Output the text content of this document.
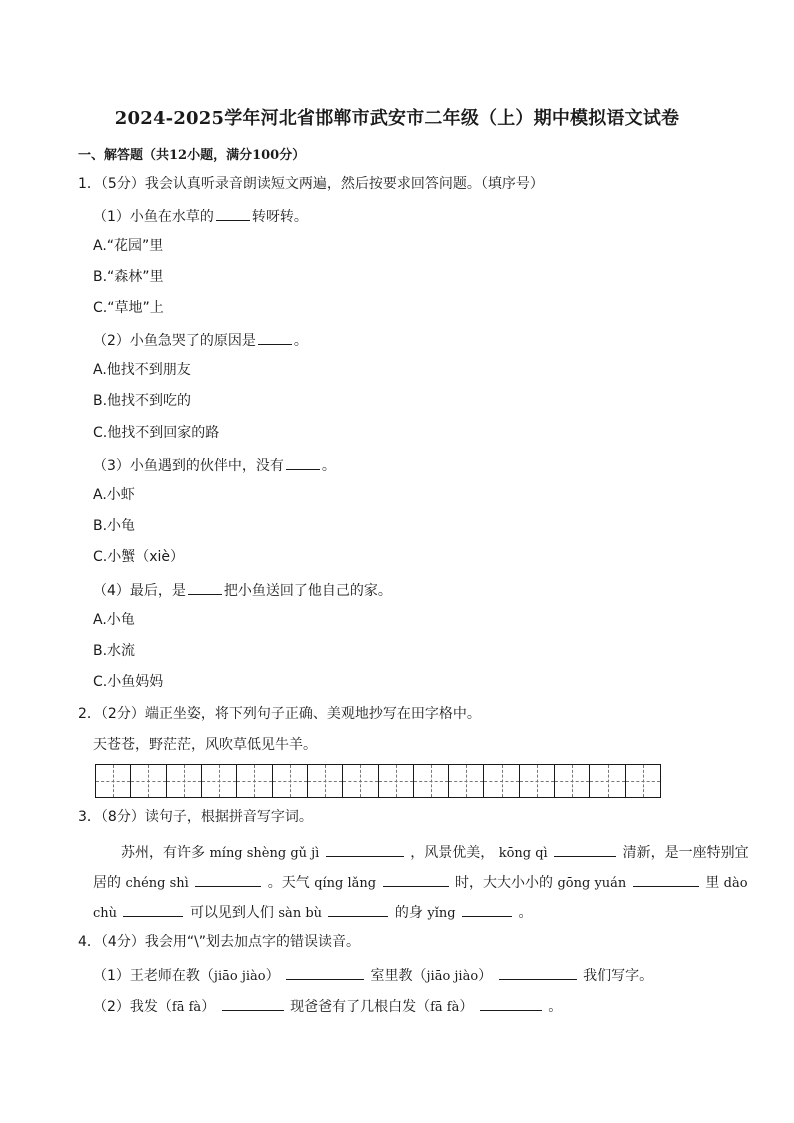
2024-2025学年河北省邯郸市武安市二年级（上）期中模拟语文试卷
一、解答题（共12小题，满分100分）
1．（5分）我会认真听录音朗读短文两遍，然后按要求回答问题。（填序号）
（1）小鱼在水草的	转呀转。
A.“花园”里
B.“森林”里
C.“草地”上
（2）小鱼急哭了的原因是	。
A.他找不到朋友
B.他找不到吃的
C.他找不到回家的路
（3）小鱼遇到的伙伴中，没有	。
A.小虾
B.小龟
C.小蟹（xiè）
（4）最后，是	把小鱼送回了他自己的家。
A.小龟
B.水流
C.小鱼妈妈
2．（2分）端正坐姿，将下列句子正确、美观地抄写在田字格中。
天苍苍，野茫茫，风吹草低见牛羊。
3．（8分）读句子，根据拼音写字词。
苏州，有许多 míng shèng gǔ jì	，风景优美， kōng qì	清新，是一座特别宜
居的 chéng shì	。天气 qíng lǎng	时，大大小小的 gōng yuán	里 dào
chù	可以见到人们 sàn bù	的身 yǐng	。
4．（4分）我会用“\”划去加点字的错误读音。
（1）王老师在教（jiāo jiào）	室里教（jiāo jiào）	我们写字。
（2）我发（fā fà）	现爸爸有了几根白发（fā fà）	。
